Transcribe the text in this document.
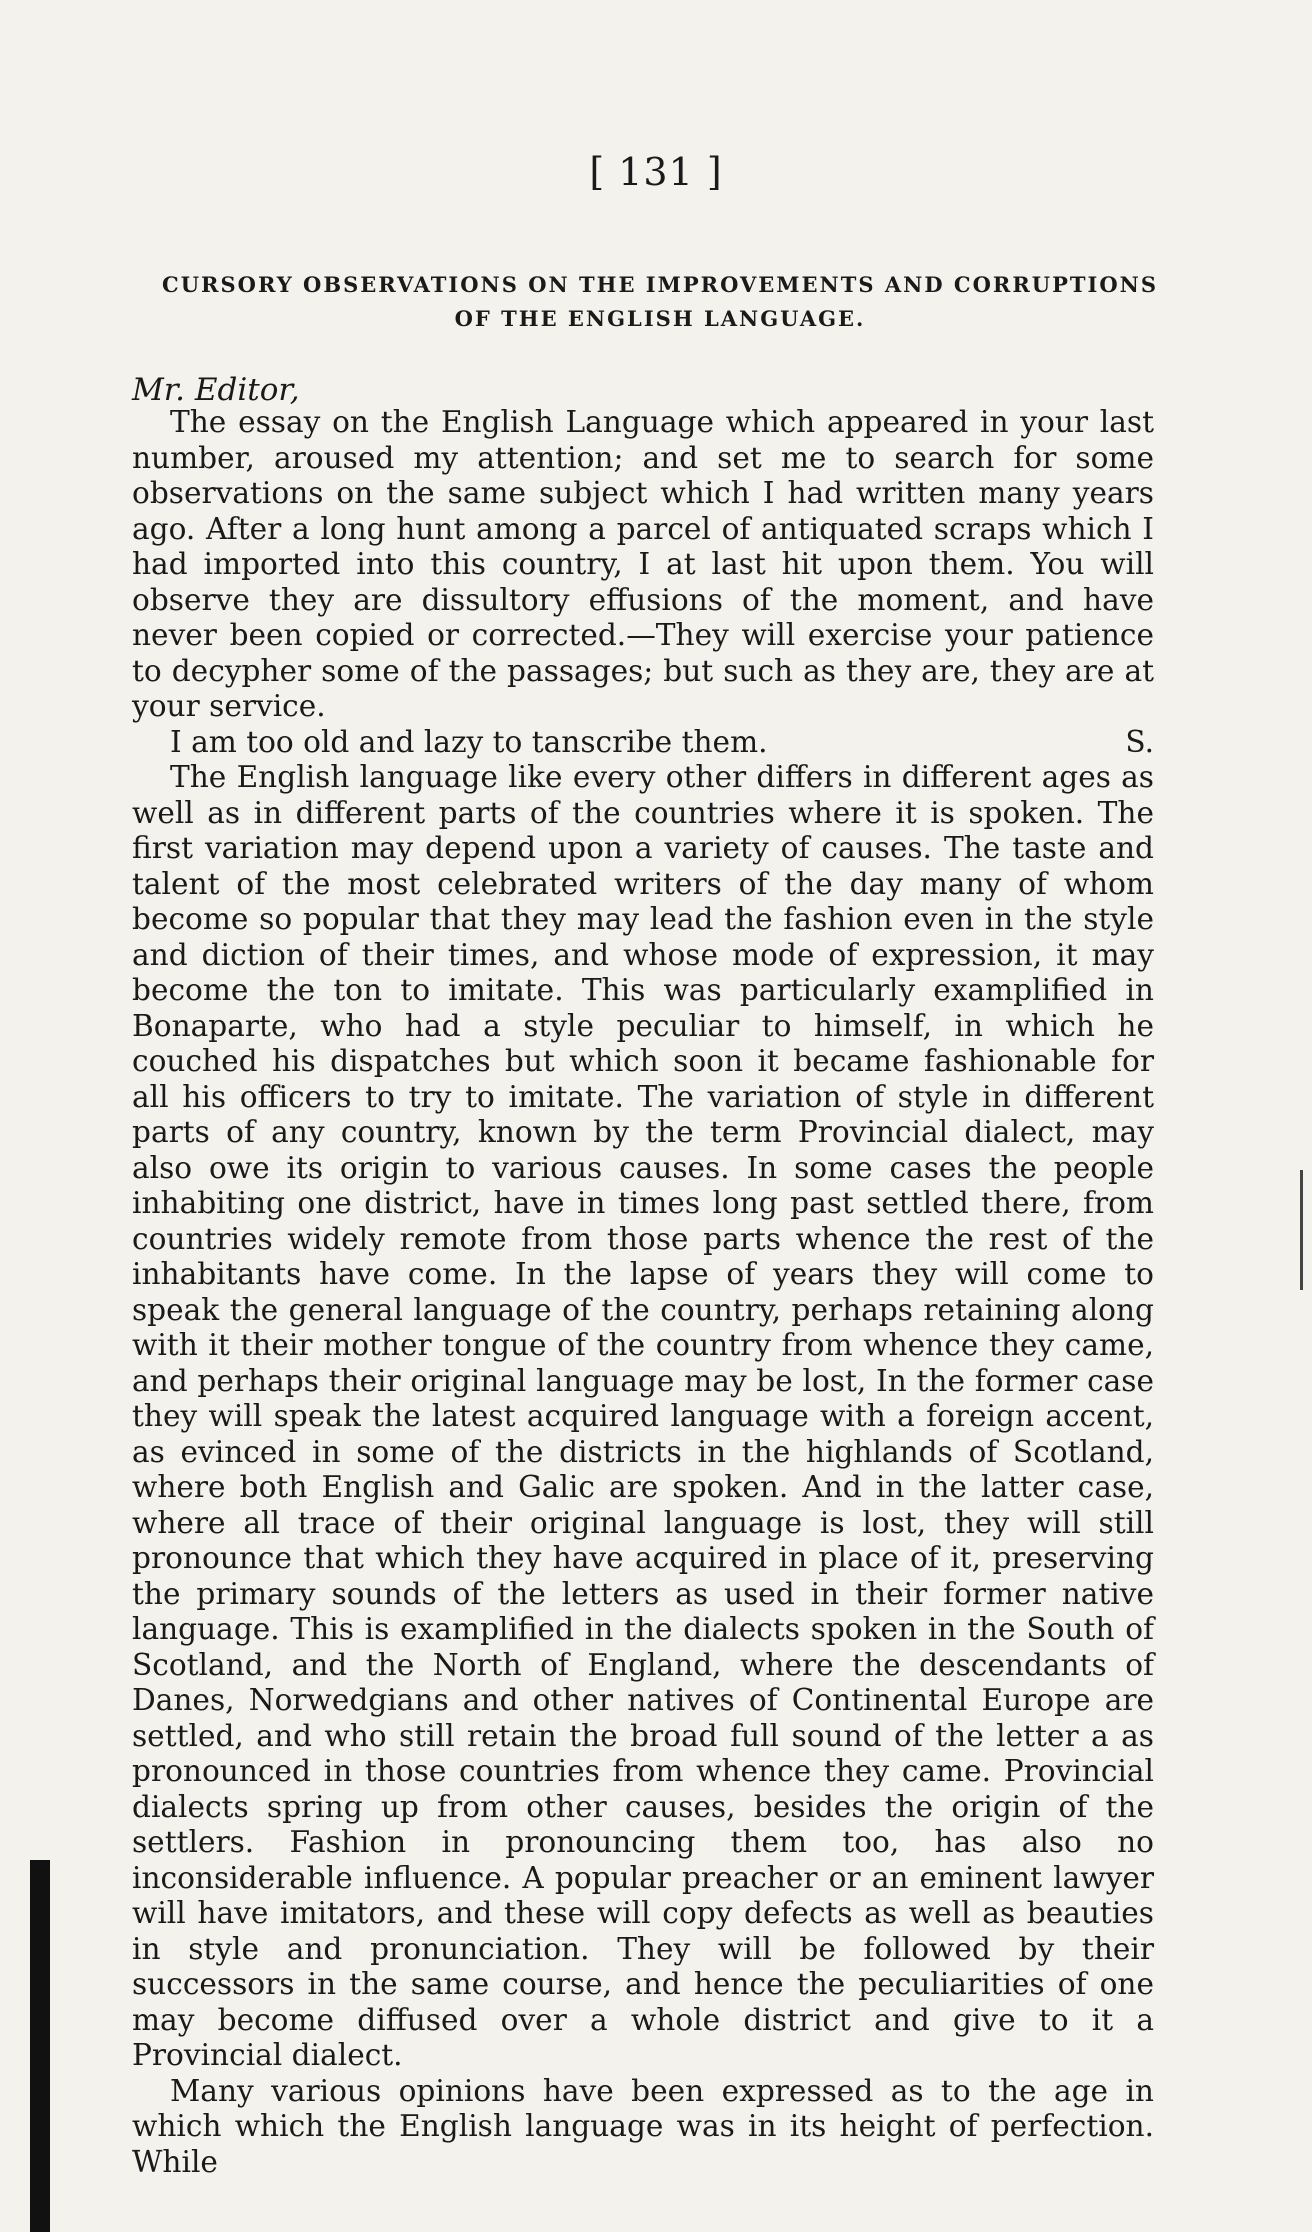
[ 131 ]
CURSORY OBSERVATIONS ON THE IMPROVEMENTS AND CORRUPTIONS OF THE ENGLISH LANGUAGE.
Mr. Editor,

The essay on the English Language which appeared in your last number, aroused my attention; and set me to search for some observations on the same subject which I had written many years ago. After a long hunt among a parcel of antiquated scraps which I had imported into this country, I at last hit upon them. You will observe they are dissultory effusions of the moment, and have never been copied or corrected.—They will exercise your patience to decypher some of the passages; but such as they are, they are at your service.

I am too old and lazy to tanscribe them.	S.

The English language like every other differs in different ages as well as in different parts of the countries where it is spoken. The first variation may depend upon a variety of causes. The taste and talent of the most celebrated writers of the day many of whom become so popular that they may lead the fashion even in the style and diction of their times, and whose mode of expression, it may become the ton to imitate. This was particularly examplified in Bonaparte, who had a style peculiar to himself, in which he couched his dispatches but which soon it became fashionable for all his officers to try to imitate. The variation of style in different parts of any country, known by the term Provincial dialect, may also owe its origin to various causes. In some cases the people inhabiting one district, have in times long past settled there, from countries widely remote from those parts whence the rest of the inhabitants have come. In the lapse of years they will come to speak the general language of the country, perhaps retaining along with it their mother tongue of the country from whence they came, and perhaps their original language may be lost, In the former case they will speak the latest acquired language with a foreign accent, as evinced in some of the districts in the highlands of Scotland, where both English and Galic are spoken. And in the latter case, where all trace of their original language is lost, they will still pronounce that which they have acquired in place of it, preserving the primary sounds of the letters as used in their former native language. This is examplified in the dialects spoken in the South of Scotland, and the North of England, where the descendants of Danes, Norwedgians and other natives of Continental Europe are settled, and who still retain the broad full sound of the letter a as pronounced in those countries from whence they came. Provincial dialects spring up from other causes, besides the origin of the settlers. Fashion in pronouncing them too, has also no inconsiderable influence. A popular preacher or an eminent lawyer will have imitators, and these will copy defects as well as beauties in style and pronunciation. They will be followed by their successors in the same course, and hence the peculiarities of one may become diffused over a whole district and give to it a Provincial dialect.

Many various opinions have been expressed as to the age in which which the English language was in its height of perfection. While
